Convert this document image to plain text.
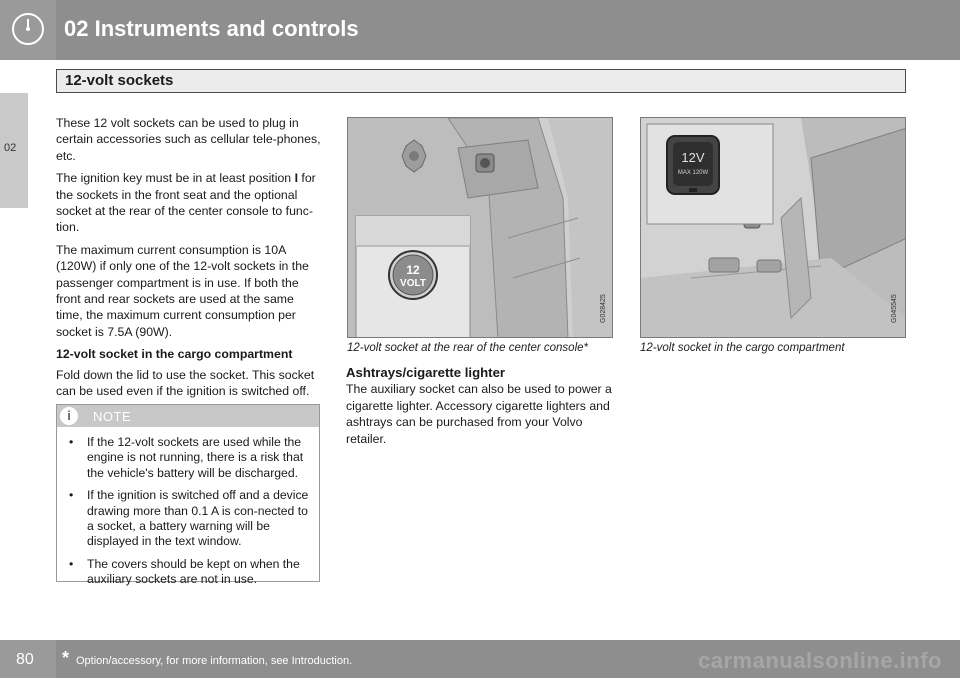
02 Instruments and controls
12-volt sockets
02

These 12 volt sockets can be used to plug in certain accessories such as cellular tele-phones, etc.

The ignition key must be in at least position I for the sockets in the front seat and the optional socket at the rear of the center console to func-tion.

The maximum current consumption is 10A (120W) if only one of the 12-volt sockets in the passenger compartment is in use. If both the front and rear sockets are used at the same time, the maximum current consumption per socket is 7.5A (90W).

12-volt socket in the cargo compartment

Fold down the lid to use the socket. This socket can be used even if the ignition is switched off.

i	NOTE
• If the 12-volt sockets are used while the engine is not running, there is a risk that the vehicle's battery will be discharged.
• If the ignition is switched off and a device drawing more than 0.1 A is con-nected to a socket, a battery warning will be displayed in the text window.
• The covers should be kept on when the auxiliary sockets are not in use.
12
VOLT
G028425
12-volt socket at the rear of the center console*
12V
MAX 120W
G045545
12-volt socket in the cargo compartment
Ashtrays/cigarette lighter

The auxiliary socket can also be used to power a cigarette lighter. Accessory cigarette lighters and ashtrays can be purchased from your Volvo retailer.

80 * Option/accessory, for more information, see Introduction.	carmanualsonline.info
